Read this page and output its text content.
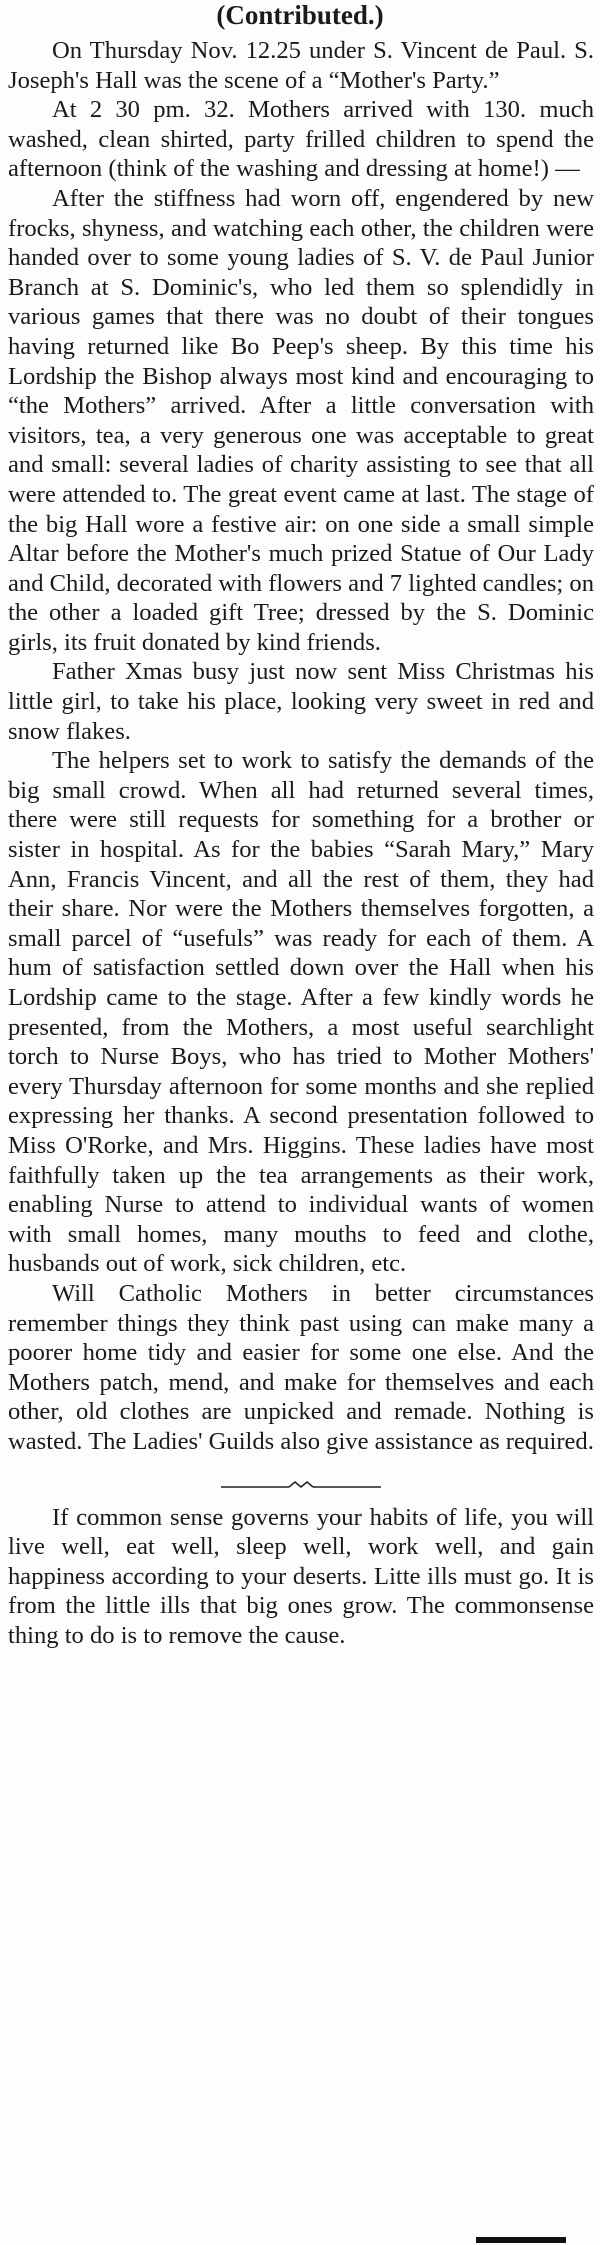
(Contributed.)

On Thursday Nov. 12.25 under S. Vincent de Paul. S. Joseph's Hall was the scene of a “Mother's Party.”

At 2 30 pm. 32. Mothers arrived with 130. much washed, clean shirted, party frilled children to spend the afternoon (think of the washing and dressing at home!) —

After the stiffness had worn off, engendered by new frocks, shyness, and watching each other, the children were handed over to some young ladies of S. V. de Paul Junior Branch at S. Dominic's, who led them so splendidly in various games that there was no doubt of their tongues having returned like Bo Peep's sheep. By this time his Lordship the Bishop always most kind and encouraging to “the Mothers” arrived. After a little conversation with visitors, tea, a very generous one was acceptable to great and small: several ladies of charity assisting to see that all were attended to. The great event came at last. The stage of the big Hall wore a festive air: on one side a small simple Altar before the Mother's much prized Statue of Our Lady and Child, decorated with flowers and 7 lighted candles; on the other a loaded gift Tree; dressed by the S. Dominic girls, its fruit donated by kind friends.

Father Xmas busy just now sent Miss Christmas his little girl, to take his place, looking very sweet in red and snow flakes.

The helpers set to work to satisfy the demands of the big small crowd. When all had returned several times, there were still requests for something for a brother or sister in hospital. As for the babies “Sarah Mary,” Mary Ann, Francis Vincent, and all the rest of them, they had their share. Nor were the Mothers themselves forgotten, a small parcel of “usefuls” was ready for each of them. A hum of satisfaction settled down over the Hall when his Lordship came to the stage. After a few kindly words he presented, from the Mothers, a most useful searchlight torch to Nurse Boys, who has tried to Mother Mothers' every Thursday afternoon for some months and she replied expressing her thanks. A second presentation followed to Miss O'Rorke, and Mrs. Higgins. These ladies have most faithfully taken up the tea arrangements as their work, enabling Nurse to attend to individual wants of women with small homes, many mouths to feed and clothe, husbands out of work, sick children, etc.

Will Catholic Mothers in better circumstances remember things they think past using can make many a poorer home tidy and easier for some one else. And the Mothers patch, mend, and make for themselves and each other, old clothes are unpicked and remade. Nothing is wasted. The Ladies' Guilds also give assistance as required.

If common sense governs your habits of life, you will live well, eat well, sleep well, work well, and gain happiness according to your deserts. Litte ills must go. It is from the little ills that big ones grow. The commonsense thing to do is to remove the cause.
